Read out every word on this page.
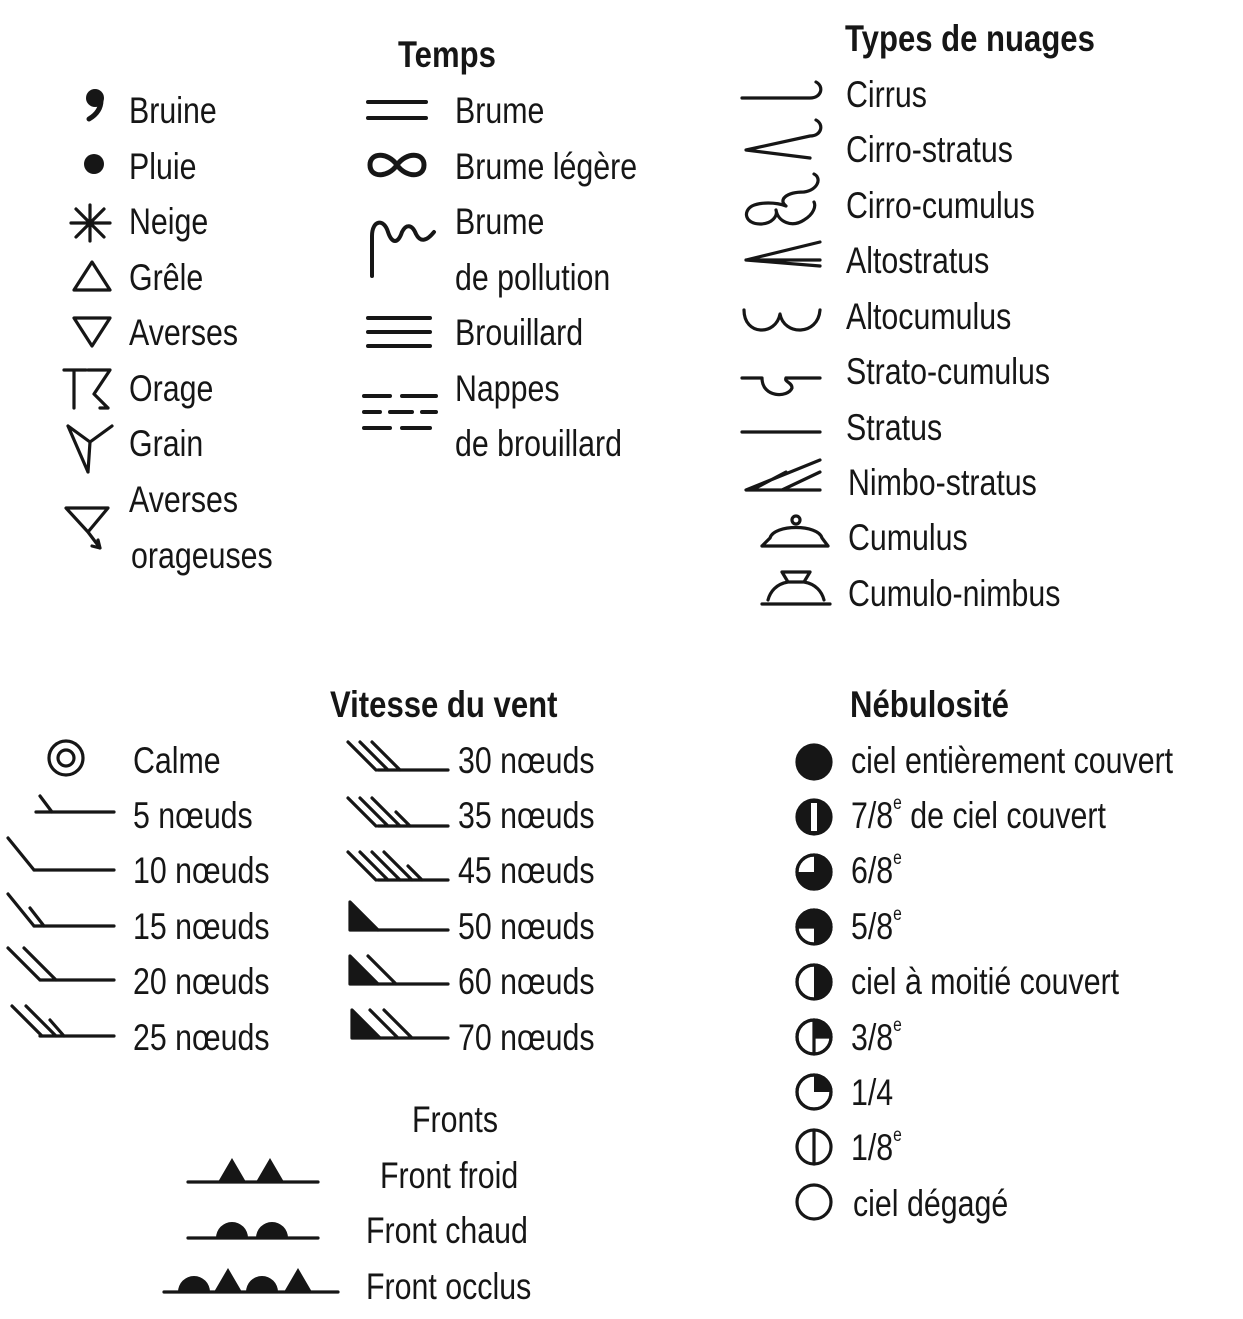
Temps
Bruine
Pluie
Neige
Grêle
Averses
Orage
Grain
Averses
orageuses
Brume
Brume légère
Brume
de pollution
Brouillard
Nappes
de brouillard
Types de nuages
Cirrus
Cirro-stratus
Cirro-cumulus
Altostratus
Altocumulus
Strato-cumulus
Stratus
Nimbo-stratus
Cumulus
Cumulo-nimbus
Vitesse du vent
Calme
5 nœuds
10 nœuds
15 nœuds
20 nœuds
25 nœuds
30 nœuds
35 nœuds
45 nœuds
50 nœuds
60 nœuds
70 nœuds
Fronts
Front froid
Front chaud
Front occlus
Nébulosité
ciel entièrement couvert
7/8e de ciel couvert
6/8e
5/8e
ciel à moitié couvert
3/8e
1/4
1/8e
ciel dégagé
